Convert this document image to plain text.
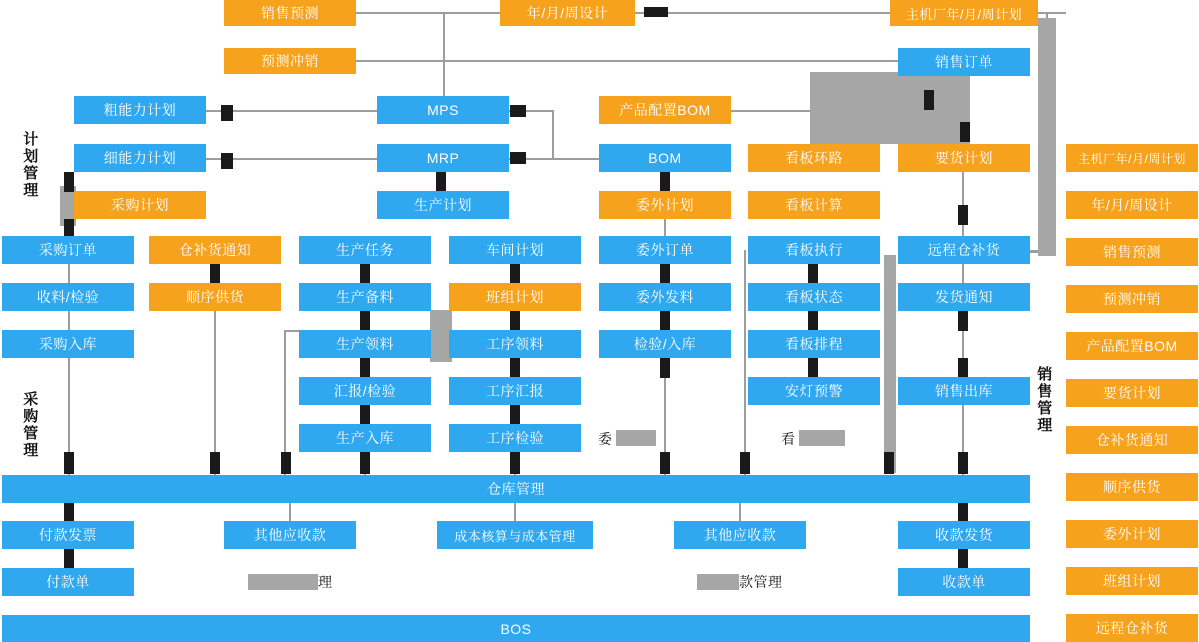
计划管理
采购管理	销售管理
销售预测	年/月/周设计	主机厂年/月/周计划
预测冲销	销售订单
粗能力计划	MPS	产品配置BOM
细能力计划	MRP	BOM	看板环路	要货计划
采购计划	生产计划	委外计划	看板计算
采购订单	仓补货通知	生产任务	车间计划	委外订单	看板执行	远程仓补货
收料/检验	顺序供货	生产备料	班组计划	委外发料	看板状态	发货通知
采购入库	生产领料	工序领料	检验/入库	看板排程
销售出库
汇报/检验	工序汇报	安灯预警
生产入库	工序检验
仓库管理
付款发票	其他应收款	成本核算与成本管理	其他应收款	收款发货
付款单	收款单
BOS
主机厂年/月/周计划
年/月/周设计
销售预测
预测冲销
产品配置BOM
要货计划
仓补货通知
顺序供货
委外计划
班组计划
远程仓补货
委	看
理	款管理
